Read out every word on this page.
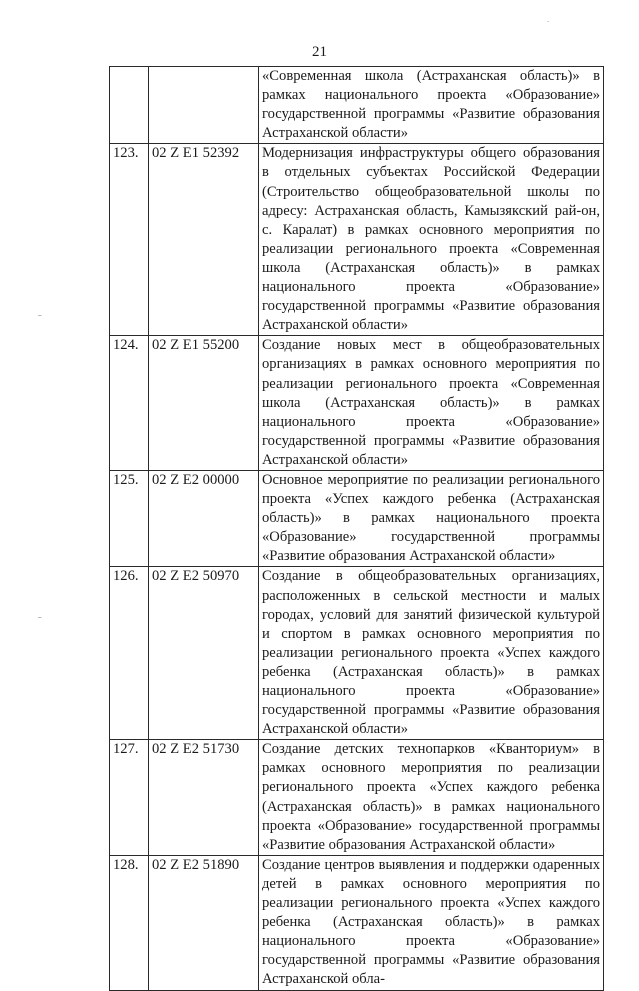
21
		«Современная школа (Астраханская область)» в рамках национального проекта «Образование» государственной программы «Развитие образования Астраханской области»
123.	02 Z E1 52392	Модернизация инфраструктуры общего образования в отдельных субъектах Российской Федерации (Строительство общеобразовательной школы по адресу: Астраханская область, Камызякский рай-он, с. Каралат) в рамках основного мероприятия по реализации регионального проекта «Современная школа (Астраханская область)» в рамках национального проекта «Образование» государственной программы «Развитие образования Астраханской области»
124.	02 Z E1 55200	Создание новых мест в общеобразовательных организациях в рамках основного мероприятия по реализации регионального проекта «Современная школа (Астраханская область)» в рамках национального проекта «Образование» государственной программы «Развитие образования Астраханской области»
125.	02 Z E2 00000	Основное мероприятие по реализации регионального проекта «Успех каждого ребенка (Астраханская область)» в рамках национального проекта «Образование» государственной программы «Развитие образования Астраханской области»
126.	02 Z E2 50970	Создание в общеобразовательных организациях, расположенных в сельской местности и малых городах, условий для занятий физической культурой и спортом в рамках основного мероприятия по реализации регионального проекта «Успех каждого ребенка (Астраханская область)» в рамках национального проекта «Образование» государственной программы «Развитие образования Астраханской области»
127.	02 Z E2 51730	Создание детских технопарков «Кванториум» в рамках основного мероприятия по реализации регионального проекта «Успех каждого ребенка (Астраханская область)» в рамках национального проекта «Образование» государственной программы «Развитие образования Астраханской области»
128.	02 Z E2 51890	Создание центров выявления и поддержки одаренных детей в рамках основного мероприятия по реализации регионального проекта «Успех каждого ребенка (Астраханская область)» в рамках национального проекта «Образование» государственной программы «Развитие образования Астраханской обла-
_
_
.
